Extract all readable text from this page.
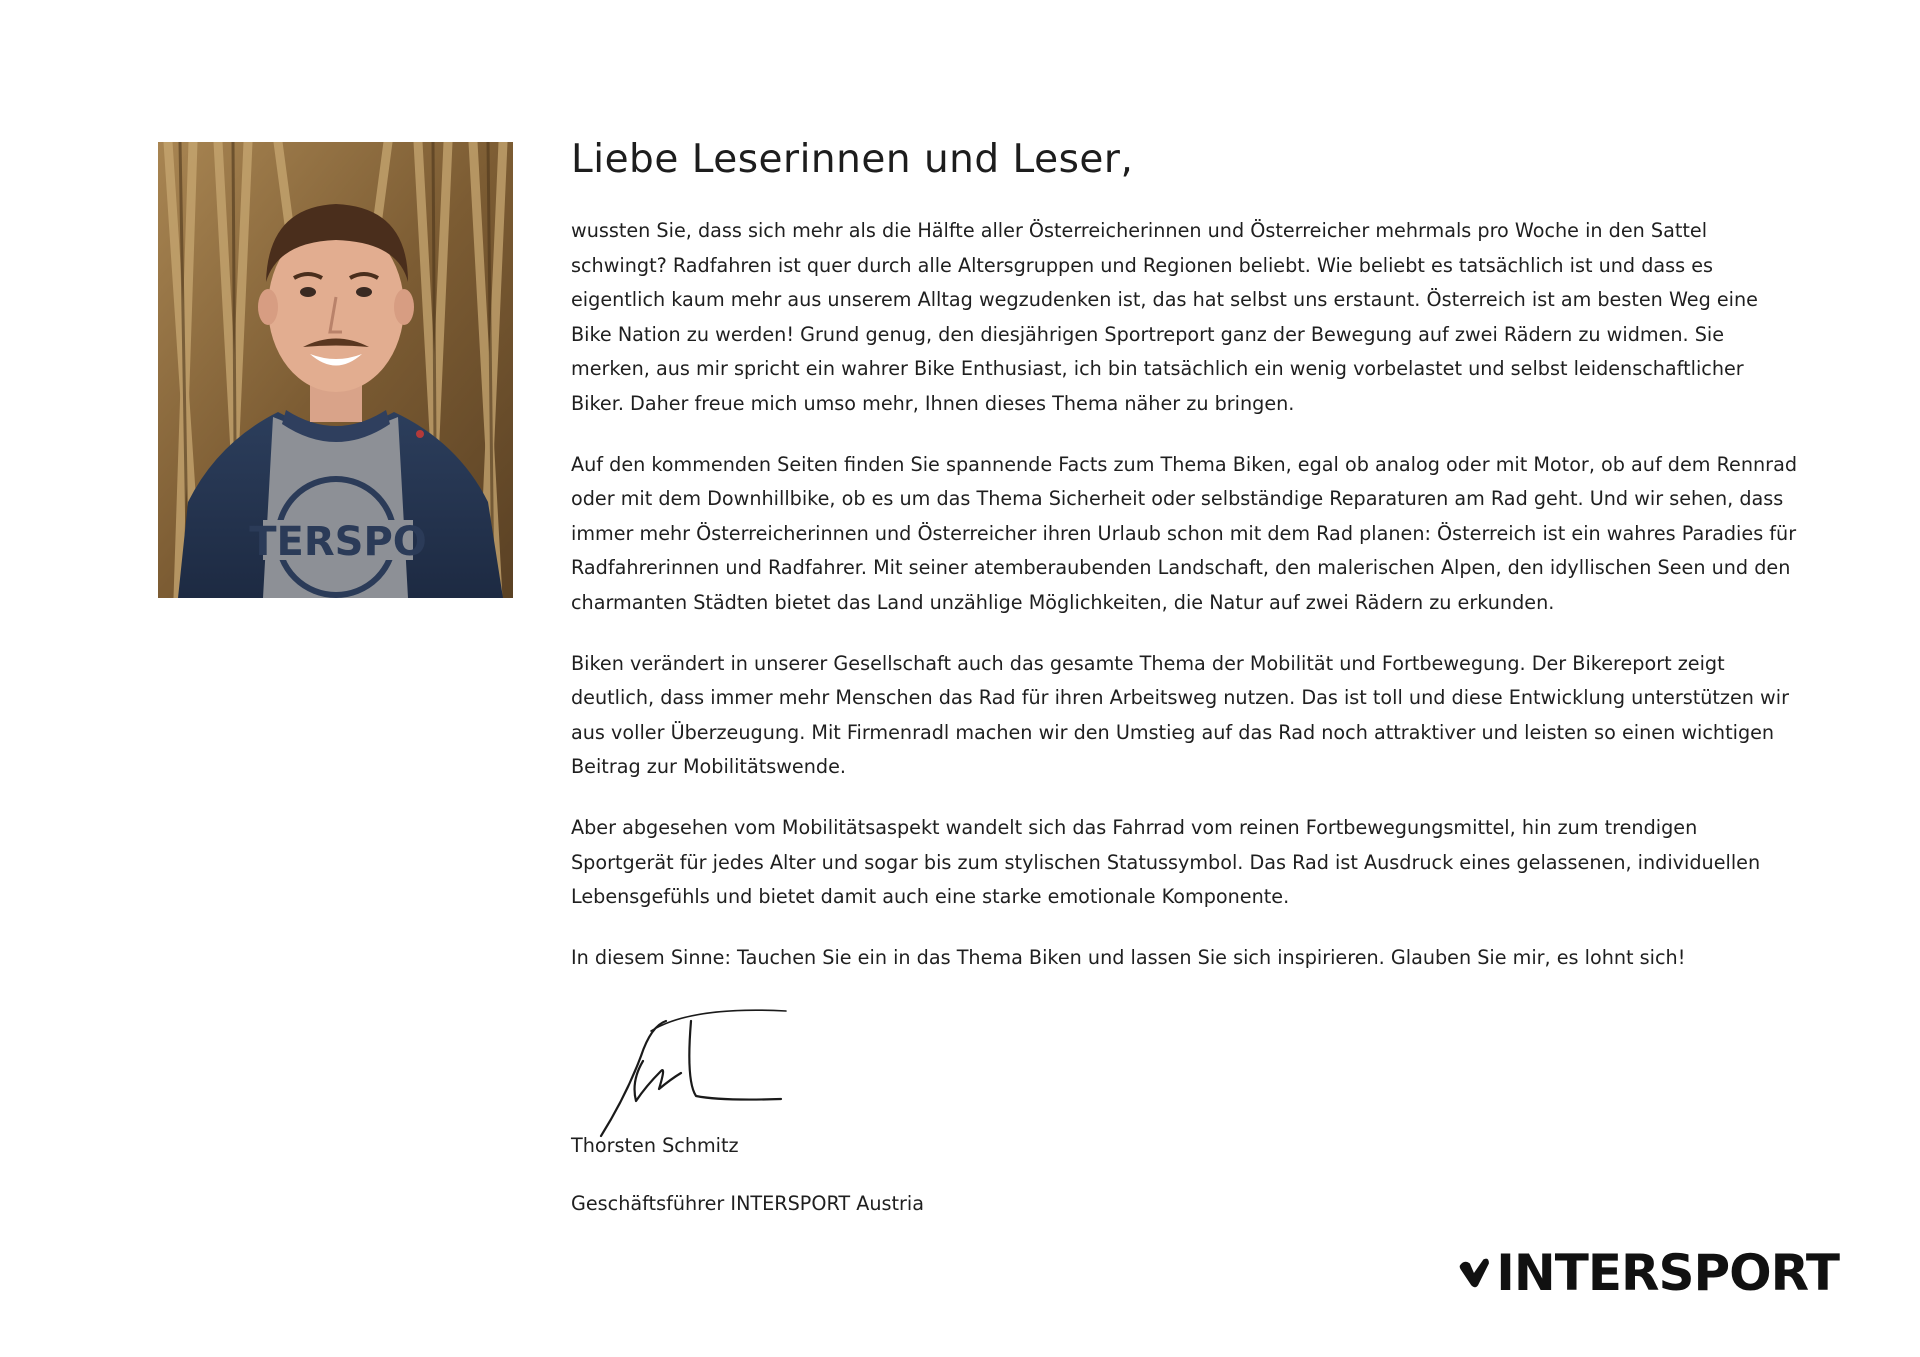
TERSPO
Liebe Leserinnen und Leser,

wussten Sie, dass sich mehr als die Hälfte aller Österreicherinnen und Österreicher mehrmals pro Woche in den Sattel schwingt? Radfahren ist quer durch alle Altersgruppen und Regionen beliebt. Wie beliebt es tatsächlich ist und dass es eigentlich kaum mehr aus unserem Alltag wegzudenken ist, das hat selbst uns erstaunt. Österreich ist am besten Weg eine Bike Nation zu werden! Grund genug, den diesjährigen Sportreport ganz der Bewegung auf zwei Rädern zu widmen. Sie merken, aus mir spricht ein wahrer Bike Enthusiast, ich bin tatsächlich ein wenig vorbelastet und selbst leidenschaftlicher Biker. Daher freue mich umso mehr, Ihnen dieses Thema näher zu bringen.

Auf den kommenden Seiten finden Sie spannende Facts zum Thema Biken, egal ob analog oder mit Motor, ob auf dem Rennrad oder mit dem Downhillbike, ob es um das Thema Sicherheit oder selbständige Reparaturen am Rad geht. Und wir sehen, dass immer mehr Österreicherinnen und Österreicher ihren Urlaub schon mit dem Rad planen: Österreich ist ein wahres Paradies für Radfahrerinnen und Radfahrer. Mit seiner atemberaubenden Landschaft, den malerischen Alpen, den idyllischen Seen und den charmanten Städten bietet das Land unzählige Möglichkeiten, die Natur auf zwei Rädern zu erkunden.

Biken verändert in unserer Gesellschaft auch das gesamte Thema der Mobilität und Fortbewegung. Der Bikereport zeigt deutlich, dass immer mehr Menschen das Rad für ihren Arbeitsweg nutzen. Das ist toll und diese Entwicklung unterstützen wir aus voller Überzeugung. Mit Firmenradl machen wir den Umstieg auf das Rad noch attraktiver und leisten so einen wichtigen Beitrag zur Mobilitätswende.

Aber abgesehen vom Mobilitätsaspekt wandelt sich das Fahrrad vom reinen Fortbewegungsmittel, hin zum trendigen Sportgerät für jedes Alter und sogar bis zum stylischen Statussymbol. Das Rad ist Ausdruck eines gelassenen, individuellen Lebensgefühls und bietet damit auch eine starke emotionale Komponente.

In diesem Sinne: Tauchen Sie ein in das Thema Biken und lassen Sie sich inspirieren. Glauben Sie mir, es lohnt sich!

Thorsten Schmitz

Geschäftsführer INTERSPORT Austria

INTERSPORT
